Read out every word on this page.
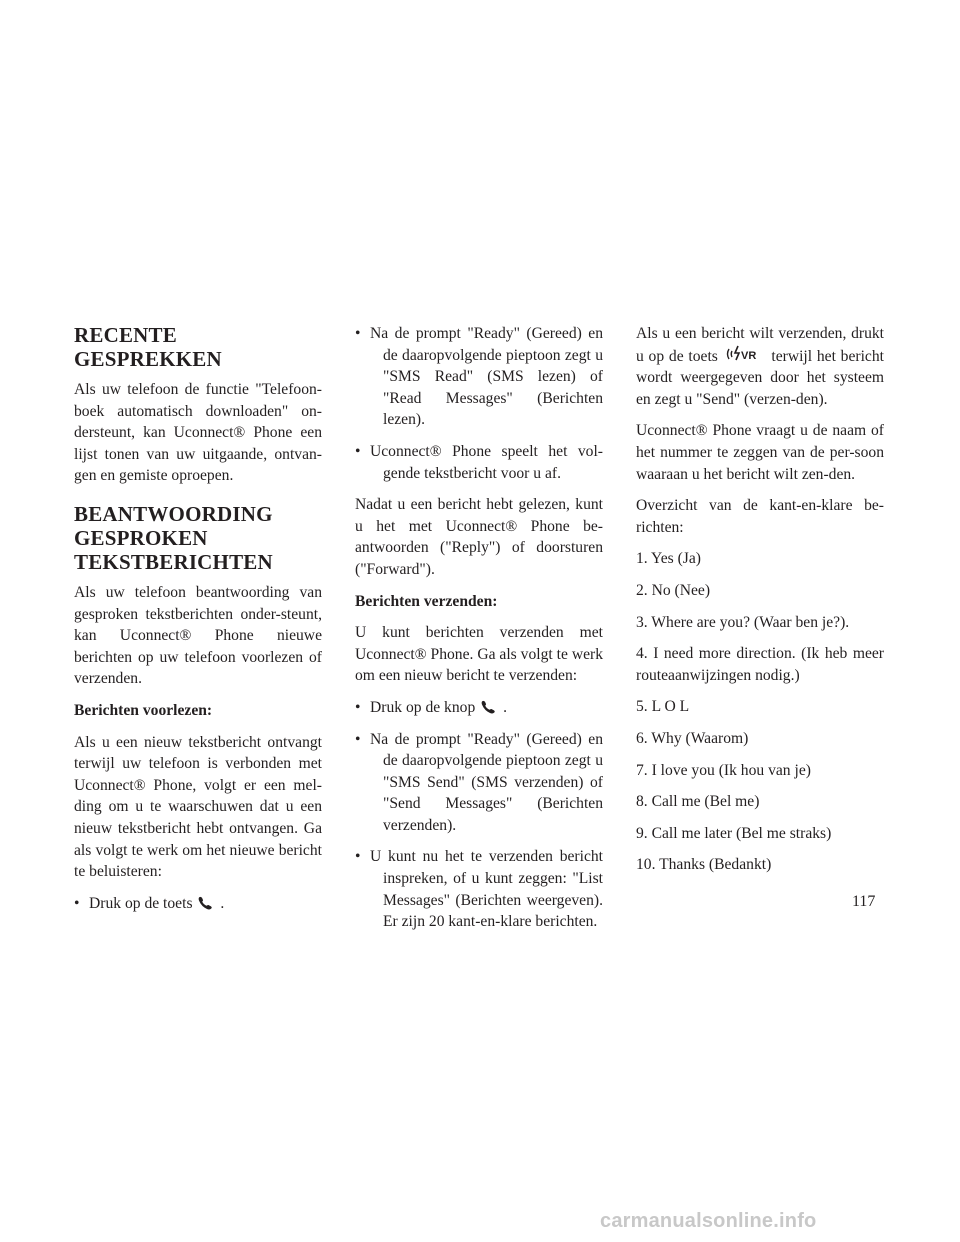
RECENTE GESPREKKEN

Als uw telefoon de functie "Telefoon-boek automatisch downloaden" on-dersteunt, kan Uconnect® Phone een lijst tonen van uw uitgaande, ontvan-gen en gemiste oproepen.

BEANTWOORDING
GESPROKEN
TEKSTBERICHTEN

Als uw telefoon beantwoording van gesproken tekstberichten onder-steunt, kan Uconnect® Phone nieuwe berichten op uw telefoon voorlezen of verzenden.

Berichten voorlezen:

Als u een nieuw tekstbericht ontvangt terwijl uw telefoon is verbonden met Uconnect® Phone, volgt er een mel-ding om u te waarschuwen dat u een nieuw tekstbericht hebt ontvangen. Ga als volgt te werk om het nieuwe bericht te beluisteren:

• Druk op de toets .
• Na de prompt "Ready" (Gereed) en de daaropvolgende pieptoon zegt u "SMS Read" (SMS lezen) of "Read Messages" (Berichten lezen).
• Uconnect® Phone speelt het vol-gende tekstbericht voor u af.

Nadat u een bericht hebt gelezen, kunt u het met Uconnect® Phone be-antwoorden ("Reply") of doorsturen ("Forward").

Berichten verzenden:

U kunt berichten verzenden met Uconnect® Phone. Ga als volgt te werk om een nieuw bericht te verzenden:

• Druk op de knop .
• Na de prompt "Ready" (Gereed) en de daaropvolgende pieptoon zegt u "SMS Send" (SMS verzenden) of "Send Messages" (Berichten verzenden).
• U kunt nu het te verzenden bericht inspreken, of u kunt zeggen: "List Messages" (Berichten weergeven). Er zijn 20 kant-en-klare berichten.

Als u een bericht wilt verzenden, drukt u op de toets VR terwijl het bericht wordt weergegeven door het systeem en zegt u "Send" (verzen-den).

Uconnect® Phone vraagt u de naam of het nummer te zeggen van de per-soon waaraan u het bericht wilt zen-den.

Overzicht van de kant-en-klare be-richten:

1. Yes (Ja)
2. No (Nee)
3. Where are you? (Waar ben je?).

4. I need more direction. (Ik heb meer routeaanwijzingen nodig.)

5. L O L
6. Why (Waarom)
7. I love you (Ik hou van je)
8. Call me (Bel me)
9. Call me later (Bel me straks)
10. Thanks (Bedankt)
117
carmanualsonline.info
